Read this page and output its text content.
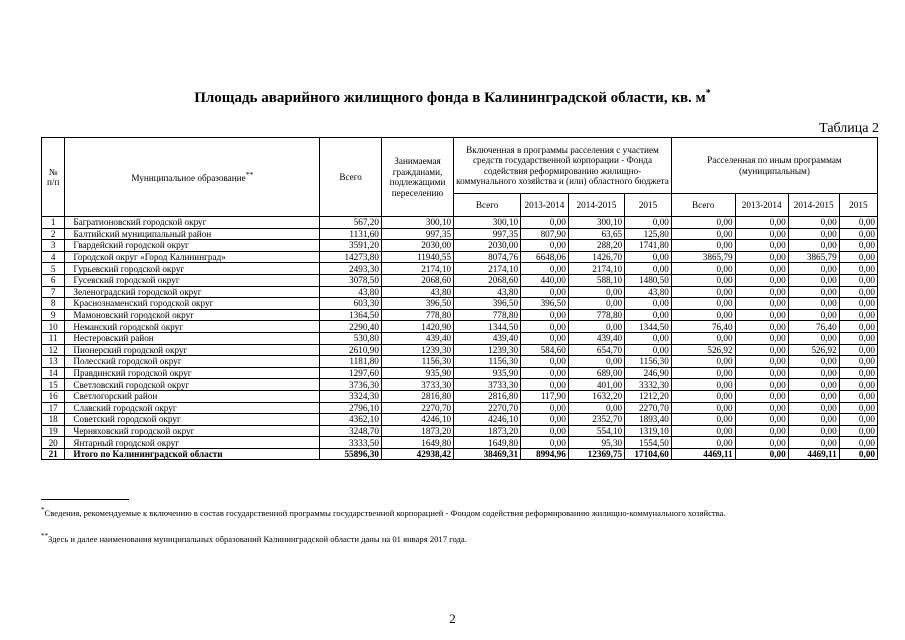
Площадь аварийного жилищного фонда в Калининградской области, кв. м*
Таблица 2
№ п/п	Муниципальное образование**	Всего	Занимаемая гражданами, подлежащими переселению	Включенная в программы расселения с участием средств государственной корпорации - Фонда содействия реформированию жилищно-коммунального хозяйства и (или) областного бюджета				Расселенная по иным программам (муниципальным)			
				Всего	2013-2014	2014-2015	2015	Всего	2013-2014	2014-2015	2015
1	Багратионовский городской округ	567,20	300,10	300,10	0,00	300,10	0,00	0,00	0,00	0,00	0,00
2	Балтийский муниципальный район	1131,60	997,35	997,35	807,90	63,65	125,80	0,00	0,00	0,00	0,00
3	Гвардейский городской округ	3591,20	2030,00	2030,00	0,00	288,20	1741,80	0,00	0,00	0,00	0,00
4	Городской округ «Город Калининград»	14273,80	11940,55	8074,76	6648,06	1426,70	0,00	3865,79	0,00	3865,79	0,00
5	Гурьевский городской округ	2493,30	2174,10	2174,10	0,00	2174,10	0,00	0,00	0,00	0,00	0,00
6	Гусевский городской округ	3078,50	2068,60	2068,60	440,00	588,10	1480,50	0,00	0,00	0,00	0,00
7	Зеленоградский городской округ	43,80	43,80	43,80	0,00	0,00	43,80	0,00	0,00	0,00	0,00
8	Краснознаменский городской округ	603,30	396,50	396,50	396,50	0,00	0,00	0,00	0,00	0,00	0,00
9	Мамоновский городской округ	1364,50	778,80	778,80	0,00	778,80	0,00	0,00	0,00	0,00	0,00
10	Неманский городской округ	2290,40	1420,90	1344,50	0,00	0,00	1344,50	76,40	0,00	76,40	0,00
11	Нестеровский район	530,80	439,40	439,40	0,00	439,40	0,00	0,00	0,00	0,00	0,00
12	Пионерский городской округ	2610,90	1239,30	1239,30	584,60	654,70	0,00	526,92	0,00	526,92	0,00
13	Полесский городской округ	1181,80	1156,30	1156,30	0,00	0,00	1156,30	0,00	0,00	0,00	0,00
14	Правдинский городской округ	1297,60	935,90	935,90	0,00	689,00	246,90	0,00	0,00	0,00	0,00
15	Светловский городской округ	3736,30	3733,30	3733,30	0,00	401,00	3332,30	0,00	0,00	0,00	0,00
16	Светлогорский район	3324,30	2816,80	2816,80	117,90	1632,20	1212,20	0,00	0,00	0,00	0,00
17	Славский городской округ	2796,10	2270,70	2270,70	0,00	0,00	2270,70	0,00	0,00	0,00	0,00
18	Советский городской округ	4362,10	4246,10	4246,10	0,00	2352,70	1893,40	0,00	0,00	0,00	0,00
19	Черняховский городской округ	3248,70	1873,20	1873,20	0,00	554,10	1319,10	0,00	0,00	0,00	0,00
20	Янтарный городской округ	3333,50	1649,80	1649,80	0,00	95,30	1554,50	0,00	0,00	0,00	0,00
21	Итого по Калининградской области	55896,30	42938,42	38469,31	8994,96	12369,75	17104,60	4469,11	0,00	4469,11	0,00
*Сведения, рекомендуемые к включению в состав государственной программы государственной корпорацией - Фондом содействия реформированию жилищно-коммунального хозяйства.
**Здесь и далее наименования муниципальных образований Калининградской области даны на 01 января 2017 года.
2
